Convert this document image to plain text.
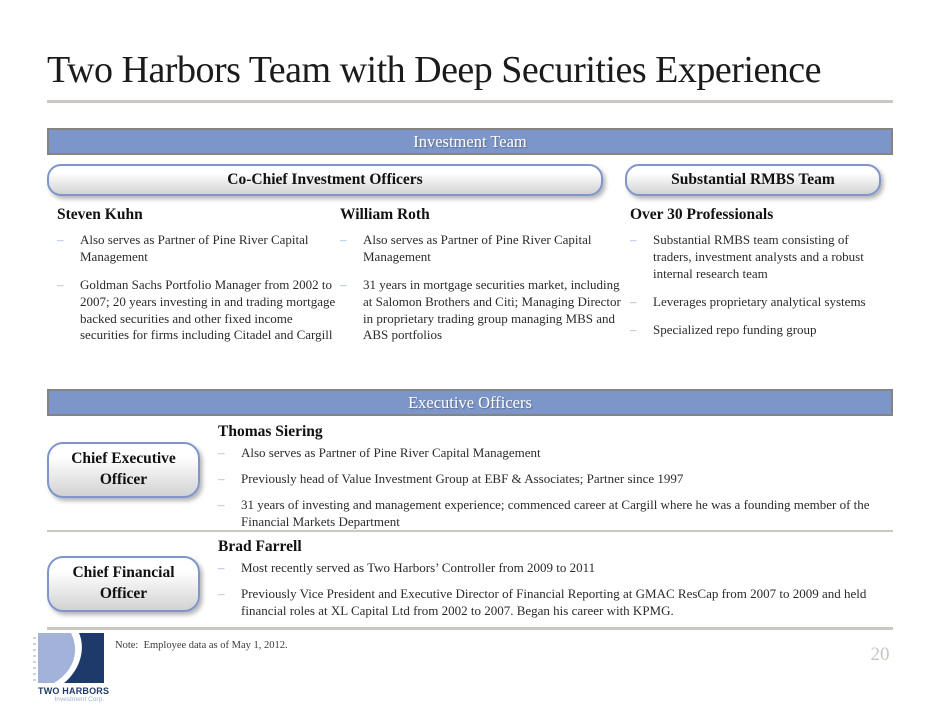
Two Harbors Team with Deep Securities Experience
Investment Team
Co-Chief Investment Officers	Substantial RMBS Team
Steven Kuhn
–	Also serves as Partner of Pine River Capital Management
–	Goldman Sachs Portfolio Manager from 2002 to 2007; 20 years investing in and trading mortgage backed securities and other fixed income securities for firms including Citadel and Cargill
William Roth
–	Also serves as Partner of Pine River Capital Management
–	31 years in mortgage securities market, including at Salomon Brothers and Citi; Managing Director in proprietary trading group managing MBS and ABS portfolios
Over 30 Professionals
–	Substantial RMBS team consisting of traders, investment analysts and a robust internal research team
–	Leverages proprietary analytical systems
–	Specialized repo funding group
Executive Officers
Chief Executive Officer
Thomas Siering
–	Also serves as Partner of Pine River Capital Management
–	Previously head of Value Investment Group at EBF & Associates; Partner since 1997
–	31 years of investing and management experience; commenced career at Cargill where he was a founding member of the Financial Markets Department
Chief Financial Officer
Brad Farrell
–	Most recently served as Two Harbors’ Controller from 2009 to 2011
–	Previously Vice President and Executive Director of Financial Reporting at GMAC ResCap from 2007 to 2009 and held financial roles at XL Capital Ltd from 2002 to 2007. Began his career with KPMG.
TWO HARBORS
Investment Corp.
Note:  Employee data as of May 1, 2012.	20
